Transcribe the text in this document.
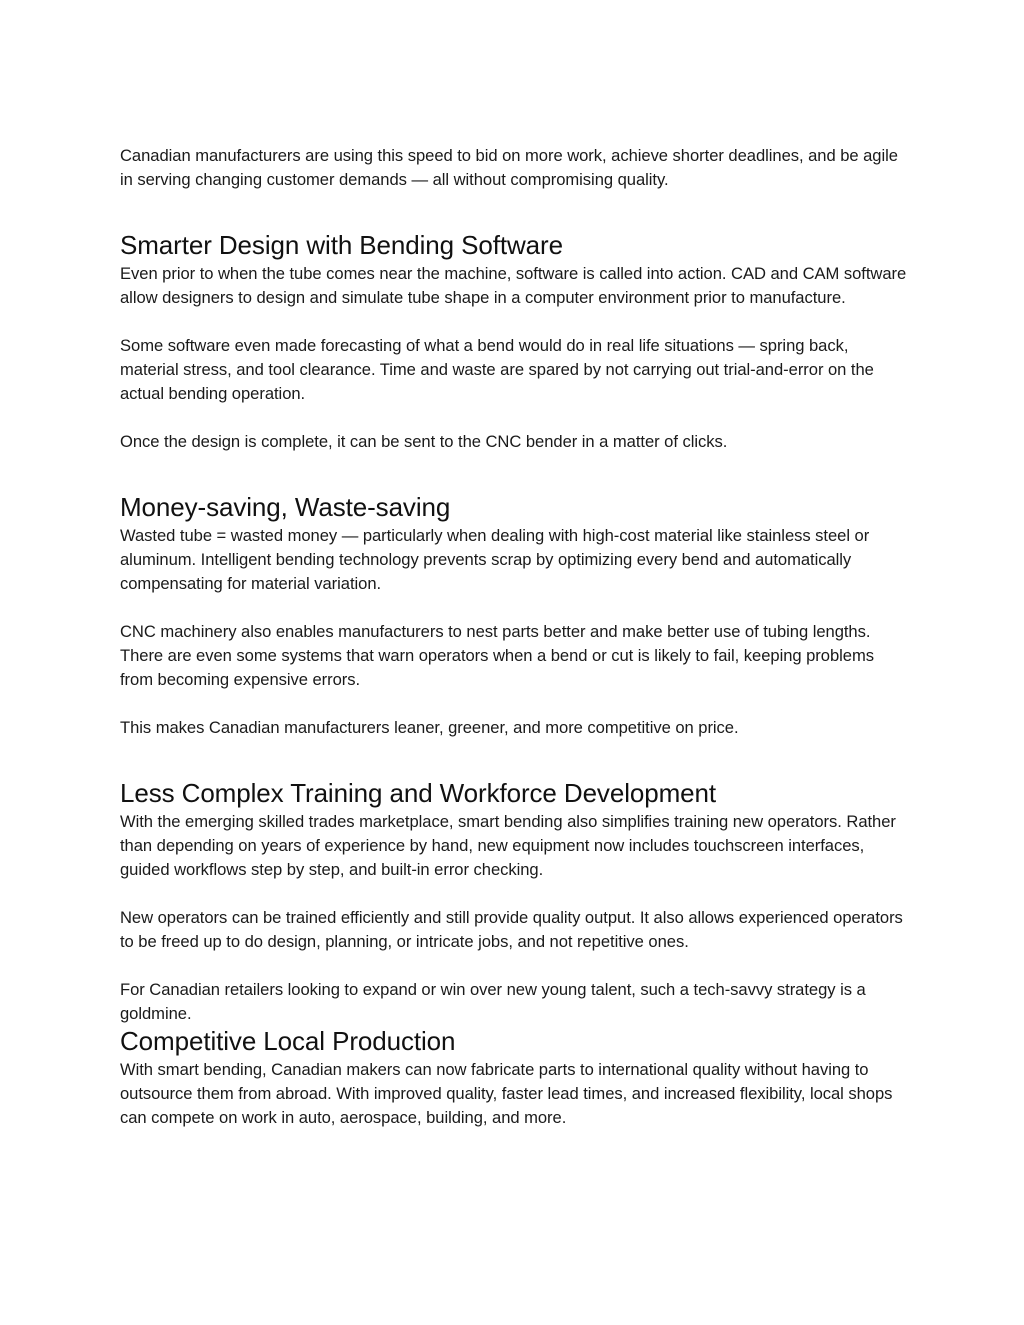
Canadian manufacturers are using this speed to bid on more work, achieve shorter deadlines, and be agile in serving changing customer demands — all without compromising quality.

Smarter Design with Bending Software

Even prior to when the tube comes near the machine, software is called into action. CAD and CAM software allow designers to design and simulate tube shape in a computer environment prior to manufacture.

Some software even made forecasting of what a bend would do in real life situations — spring back, material stress, and tool clearance. Time and waste are spared by not carrying out trial-and-error on the actual bending operation.

Once the design is complete, it can be sent to the CNC bender in a matter of clicks.

Money-saving, Waste-saving

Wasted tube = wasted money — particularly when dealing with high-cost material like stainless steel or aluminum. Intelligent bending technology prevents scrap by optimizing every bend and automatically compensating for material variation.

CNC machinery also enables manufacturers to nest parts better and make better use of tubing lengths. There are even some systems that warn operators when a bend or cut is likely to fail, keeping problems from becoming expensive errors.

This makes Canadian manufacturers leaner, greener, and more competitive on price.

Less Complex Training and Workforce Development

With the emerging skilled trades marketplace, smart bending also simplifies training new operators. Rather than depending on years of experience by hand, new equipment now includes touchscreen interfaces, guided workflows step by step, and built-in error checking.

New operators can be trained efficiently and still provide quality output. It also allows experienced operators to be freed up to do design, planning, or intricate jobs, and not repetitive ones.

For Canadian retailers looking to expand or win over new young talent, such a tech-savvy strategy is a goldmine.

Competitive Local Production

With smart bending, Canadian makers can now fabricate parts to international quality without having to outsource them from abroad. With improved quality, faster lead times, and increased flexibility, local shops can compete on work in auto, aerospace, building, and more.
